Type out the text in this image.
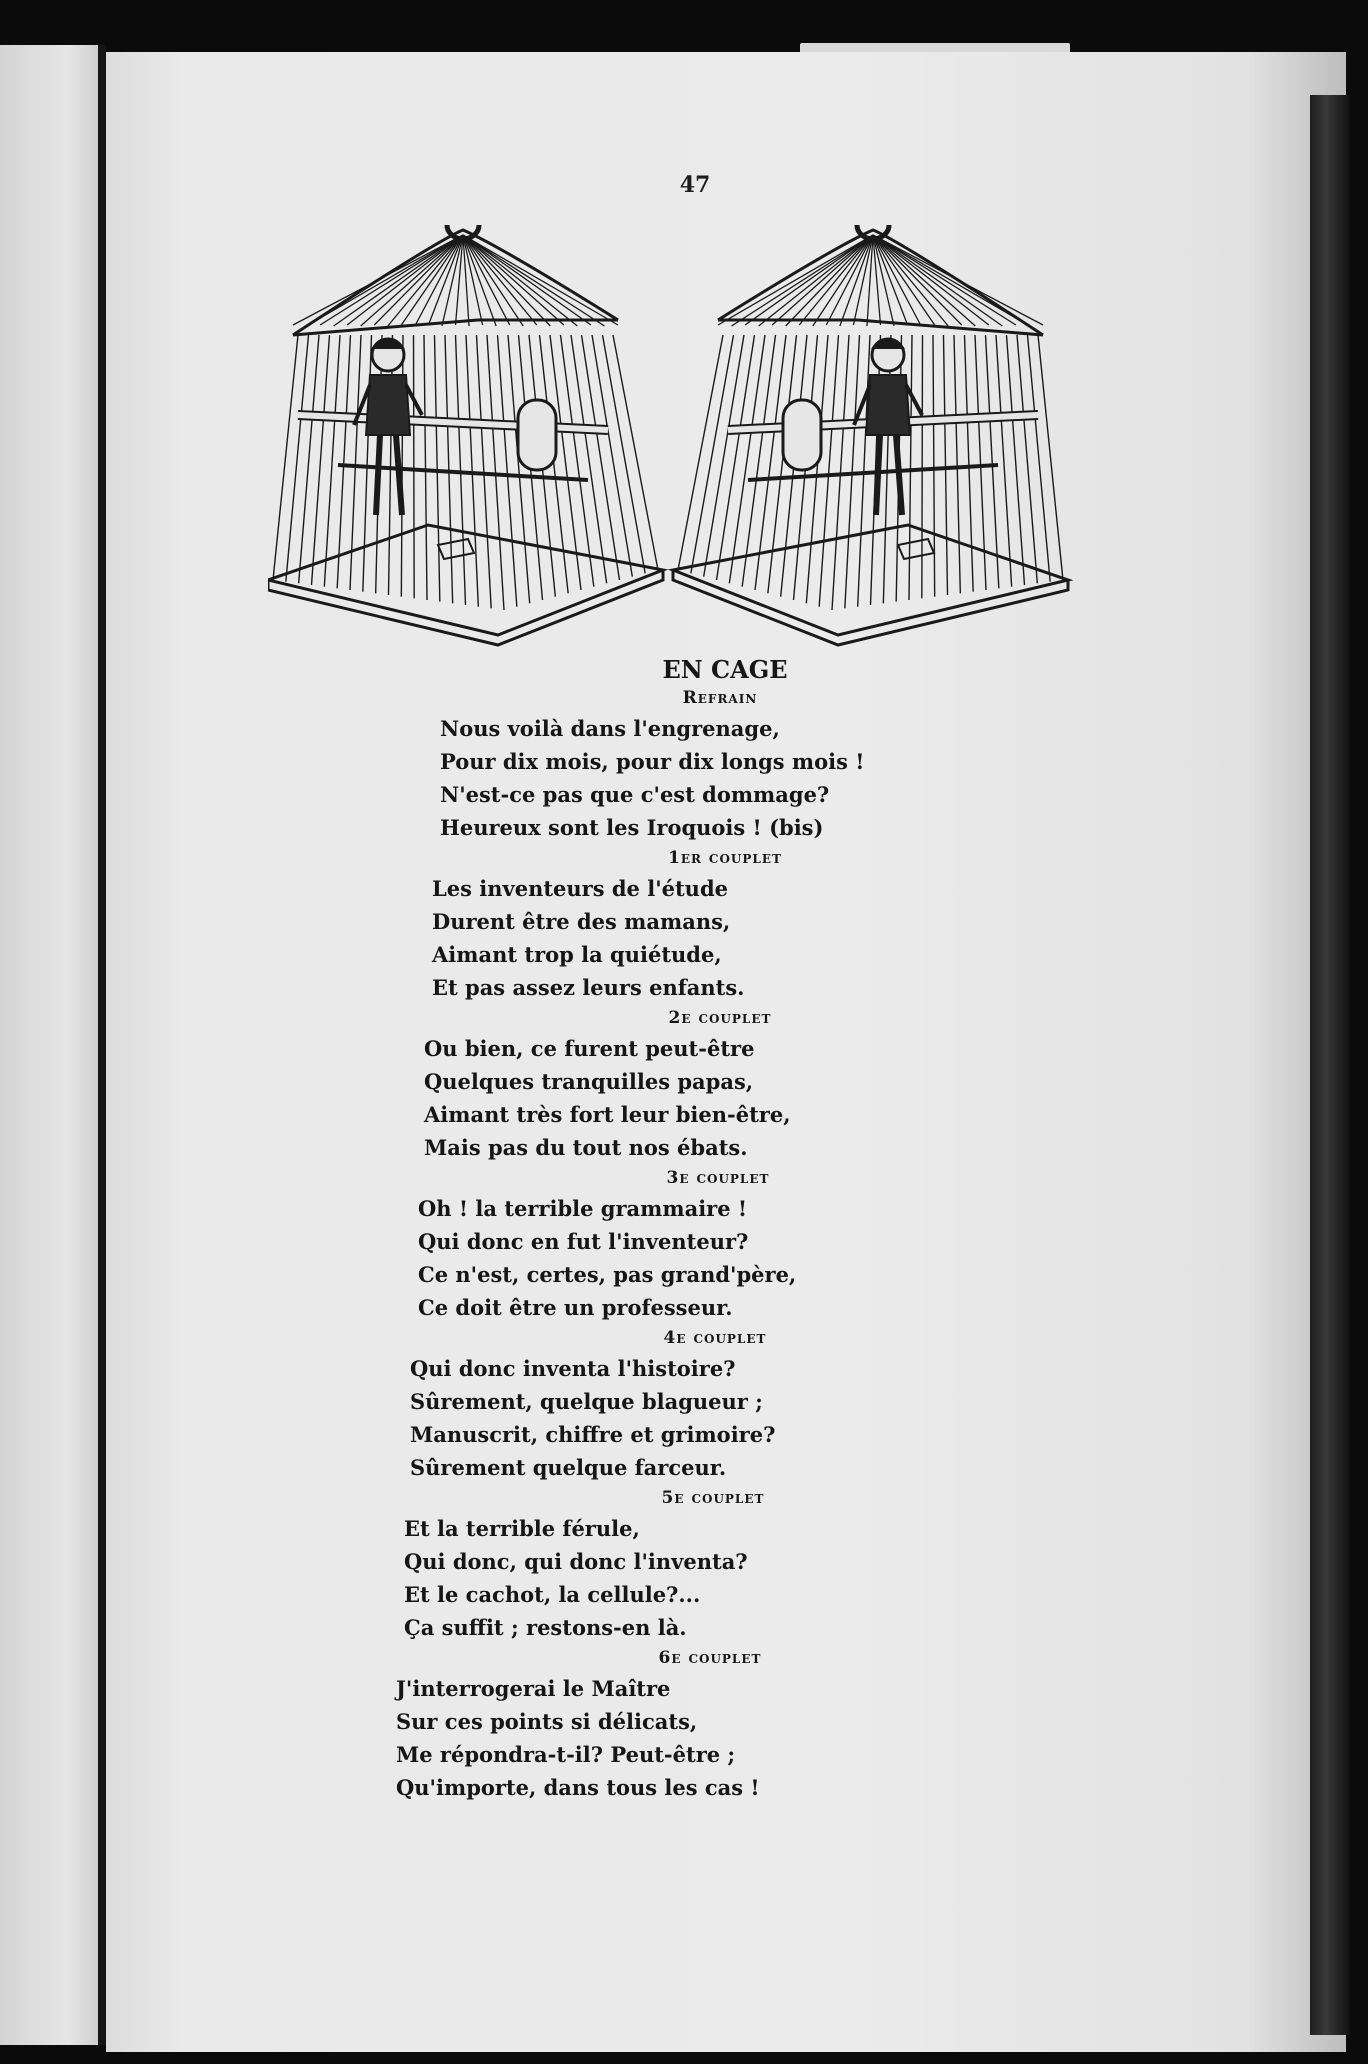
47
EN CAGE
Refrain
Nous voilà dans l'engrenage,
Pour dix mois, pour dix longs mois !
N'est-ce pas que c'est dommage?
Heureux sont les Iroquois ! (bis)
1er couplet
Les inventeurs de l'étude
Durent être des mamans,
Aimant trop la quiétude,
Et pas assez leurs enfants.
2e couplet
Ou bien, ce furent peut-être
Quelques tranquilles papas,
Aimant très fort leur bien-être,
Mais pas du tout nos ébats.
3e couplet
Oh ! la terrible grammaire !
Qui donc en fut l'inventeur?
Ce n'est, certes, pas grand'père,
Ce doit être un professeur.
4e couplet
Qui donc inventa l'histoire?
Sûrement, quelque blagueur ;
Manuscrit, chiffre et grimoire?
Sûrement quelque farceur.
5e couplet
Et la terrible férule,
Qui donc, qui donc l'inventa?
Et le cachot, la cellule?...
Ça suffit ; restons-en là.
6e couplet
J'interrogerai le Maître
Sur ces points si délicats,
Me répondra-t-il? Peut-être ;
Qu'importe, dans tous les cas !
